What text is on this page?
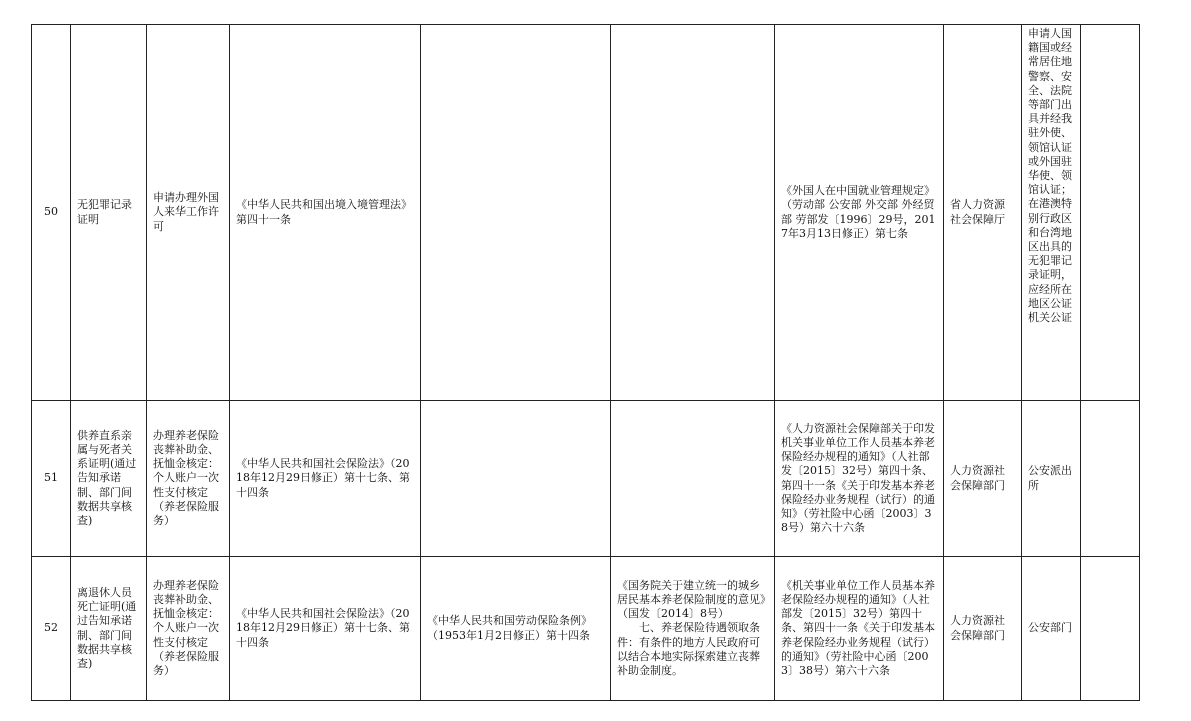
50	无犯罪记录证明	申请办理外国人来华工作许可	《中华人民共和国出境入境管理法》第四十一条			《外国人在中国就业管理规定》（劳动部 公安部 外交部 外经贸部 劳部发〔1996〕29号，2017年3月13日修正）第七条	省人力资源社会保障厅	申请人国籍国或经常居住地警察、安全、法院等部门出具并经我驻外使、领馆认证或外国驻华使、领馆认证；在港澳特别行政区和台湾地区出具的无犯罪记录证明，应经所在地区公证机关公证	
51	供养直系亲属与死者关系证明(通过告知承诺制、部门间数据共享核查)	办理养老保险丧葬补助金、抚恤金核定：个人账户一次性支付核定（养老保险服务）	《中华人民共和国社会保险法》（2018年12月29日修正）第十七条、第十四条			《人力资源社会保障部关于印发机关事业单位工作人员基本养老保险经办规程的通知》（人社部发〔2015〕32号）第四十条、第四十一条《关于印发基本养老保险经办业务规程（试行）的通知》（劳社险中心函〔2003〕38号）第六十六条	人力资源社会保障部门	公安派出所	
52	离退休人员死亡证明(通过告知承诺制、部门间数据共享核查)	办理养老保险丧葬补助金、抚恤金核定：个人账户一次性支付核定（养老保险服务）	《中华人民共和国社会保险法》（2018年12月29日修正）第十七条、第十四条	《中华人民共和国劳动保险条例》（1953年1月2日修正）第十四条	《国务院关于建立统一的城乡居民基本养老保险制度的意见》（国发〔2014〕8号）
七、养老保险待遇领取条件：有条件的地方人民政府可以结合本地实际探索建立丧葬补助金制度。	《机关事业单位工作人员基本养老保险经办规程的通知》（人社部发〔2015〕32号）第四十条、第四十一条《关于印发基本养老保险经办业务规程（试行）的通知》（劳社险中心函〔2003〕38号）第六十六条	人力资源社会保障部门	公安部门	
